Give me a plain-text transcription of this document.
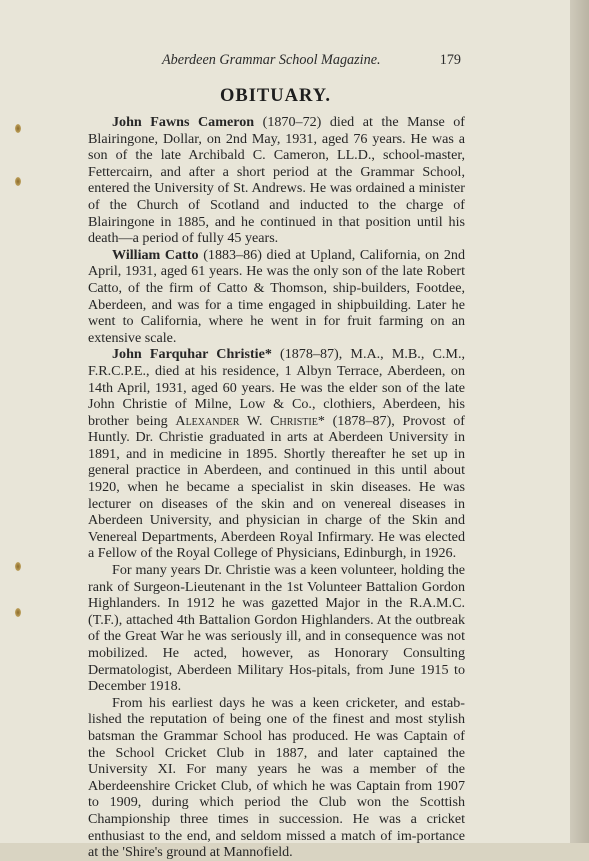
Aberdeen Grammar School Magazine.	179
OBITUARY.

John Fawns Cameron (1870–72) died at the Manse of Blairingone, Dollar, on 2nd May, 1931, aged 76 years. He was a son of the late Archibald C. Cameron, LL.D., school-master, Fettercairn, and after a short period at the Grammar School, entered the University of St. Andrews. He was ordained a minister of the Church of Scotland and inducted to the charge of Blairingone in 1885, and he continued in that position until his death—a period of fully 45 years.

William Catto (1883–86) died at Upland, California, on 2nd April, 1931, aged 61 years. He was the only son of the late Robert Catto, of the firm of Catto & Thomson, ship-builders, Footdee, Aberdeen, and was for a time engaged in shipbuilding. Later he went to California, where he went in for fruit farming on an extensive scale.

John Farquhar Christie* (1878–87), M.A., M.B., C.M., F.R.C.P.E., died at his residence, 1 Albyn Terrace, Aberdeen, on 14th April, 1931, aged 60 years. He was the elder son of the late John Christie of Milne, Low & Co., clothiers, Aberdeen, his brother being Alexander W. Christie* (1878–87), Provost of Huntly. Dr. Christie graduated in arts at Aberdeen University in 1891, and in medicine in 1895. Shortly thereafter he set up in general practice in Aberdeen, and continued in this until about 1920, when he became a specialist in skin diseases. He was lecturer on diseases of the skin and on venereal diseases in Aberdeen University, and physician in charge of the Skin and Venereal Departments, Aberdeen Royal Infirmary. He was elected a Fellow of the Royal College of Physicians, Edinburgh, in 1926.

For many years Dr. Christie was a keen volunteer, holding the rank of Surgeon-Lieutenant in the 1st Volunteer Battalion Gordon Highlanders. In 1912 he was gazetted Major in the R.A.M.C. (T.F.), attached 4th Battalion Gordon Highlanders. At the outbreak of the Great War he was seriously ill, and in consequence was not mobilized. He acted, however, as Honorary Consulting Dermatologist, Aberdeen Military Hos-pitals, from June 1915 to December 1918.

From his earliest days he was a keen cricketer, and estab-lished the reputation of being one of the finest and most stylish batsman the Grammar School has produced. He was Captain of the School Cricket Club in 1887, and later captained the University XI. For many years he was a member of the Aberdeenshire Cricket Club, of which he was Captain from 1907 to 1909, during which period the Club won the Scottish Championship three times in succession. He was a cricket enthusiast to the end, and seldom missed a match of im-portance at the 'Shire's ground at Mannofield.
